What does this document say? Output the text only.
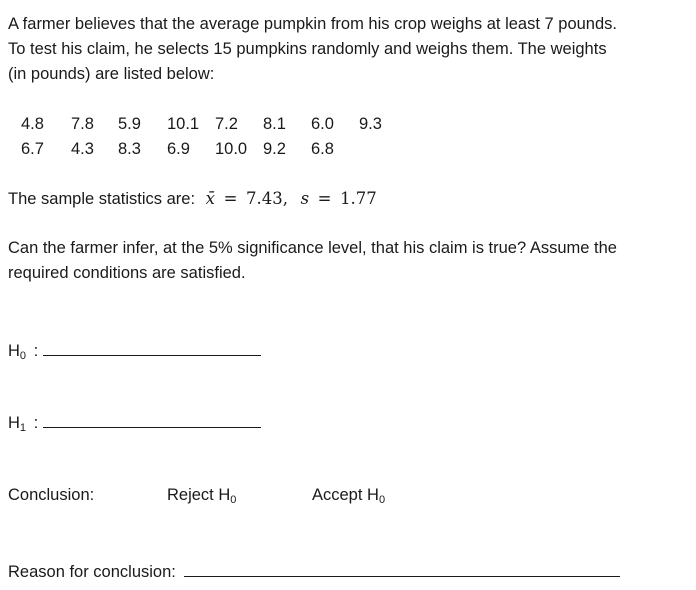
A farmer believes that the average pumpkin from his crop weighs at least 7 pounds.
To test his claim, he selects 15 pumpkins randomly and weighs them. The weights
(in pounds) are listed below:
4.8 7.8 5.9 10.1 7.2 8.1 6.0 9.3
6.7 4.3 8.3 6.9 10.0 9.2 6.8
The sample statistics are: x̄ = 7.43, s = 1.77
Can the farmer infer, at the 5% significance level, that his claim is true? Assume the
required conditions are satisfied.
$H_0$ :
$H_1$ :
Conclusion:	Reject $H_0$	Accept $H_0$
Reason for conclusion:
